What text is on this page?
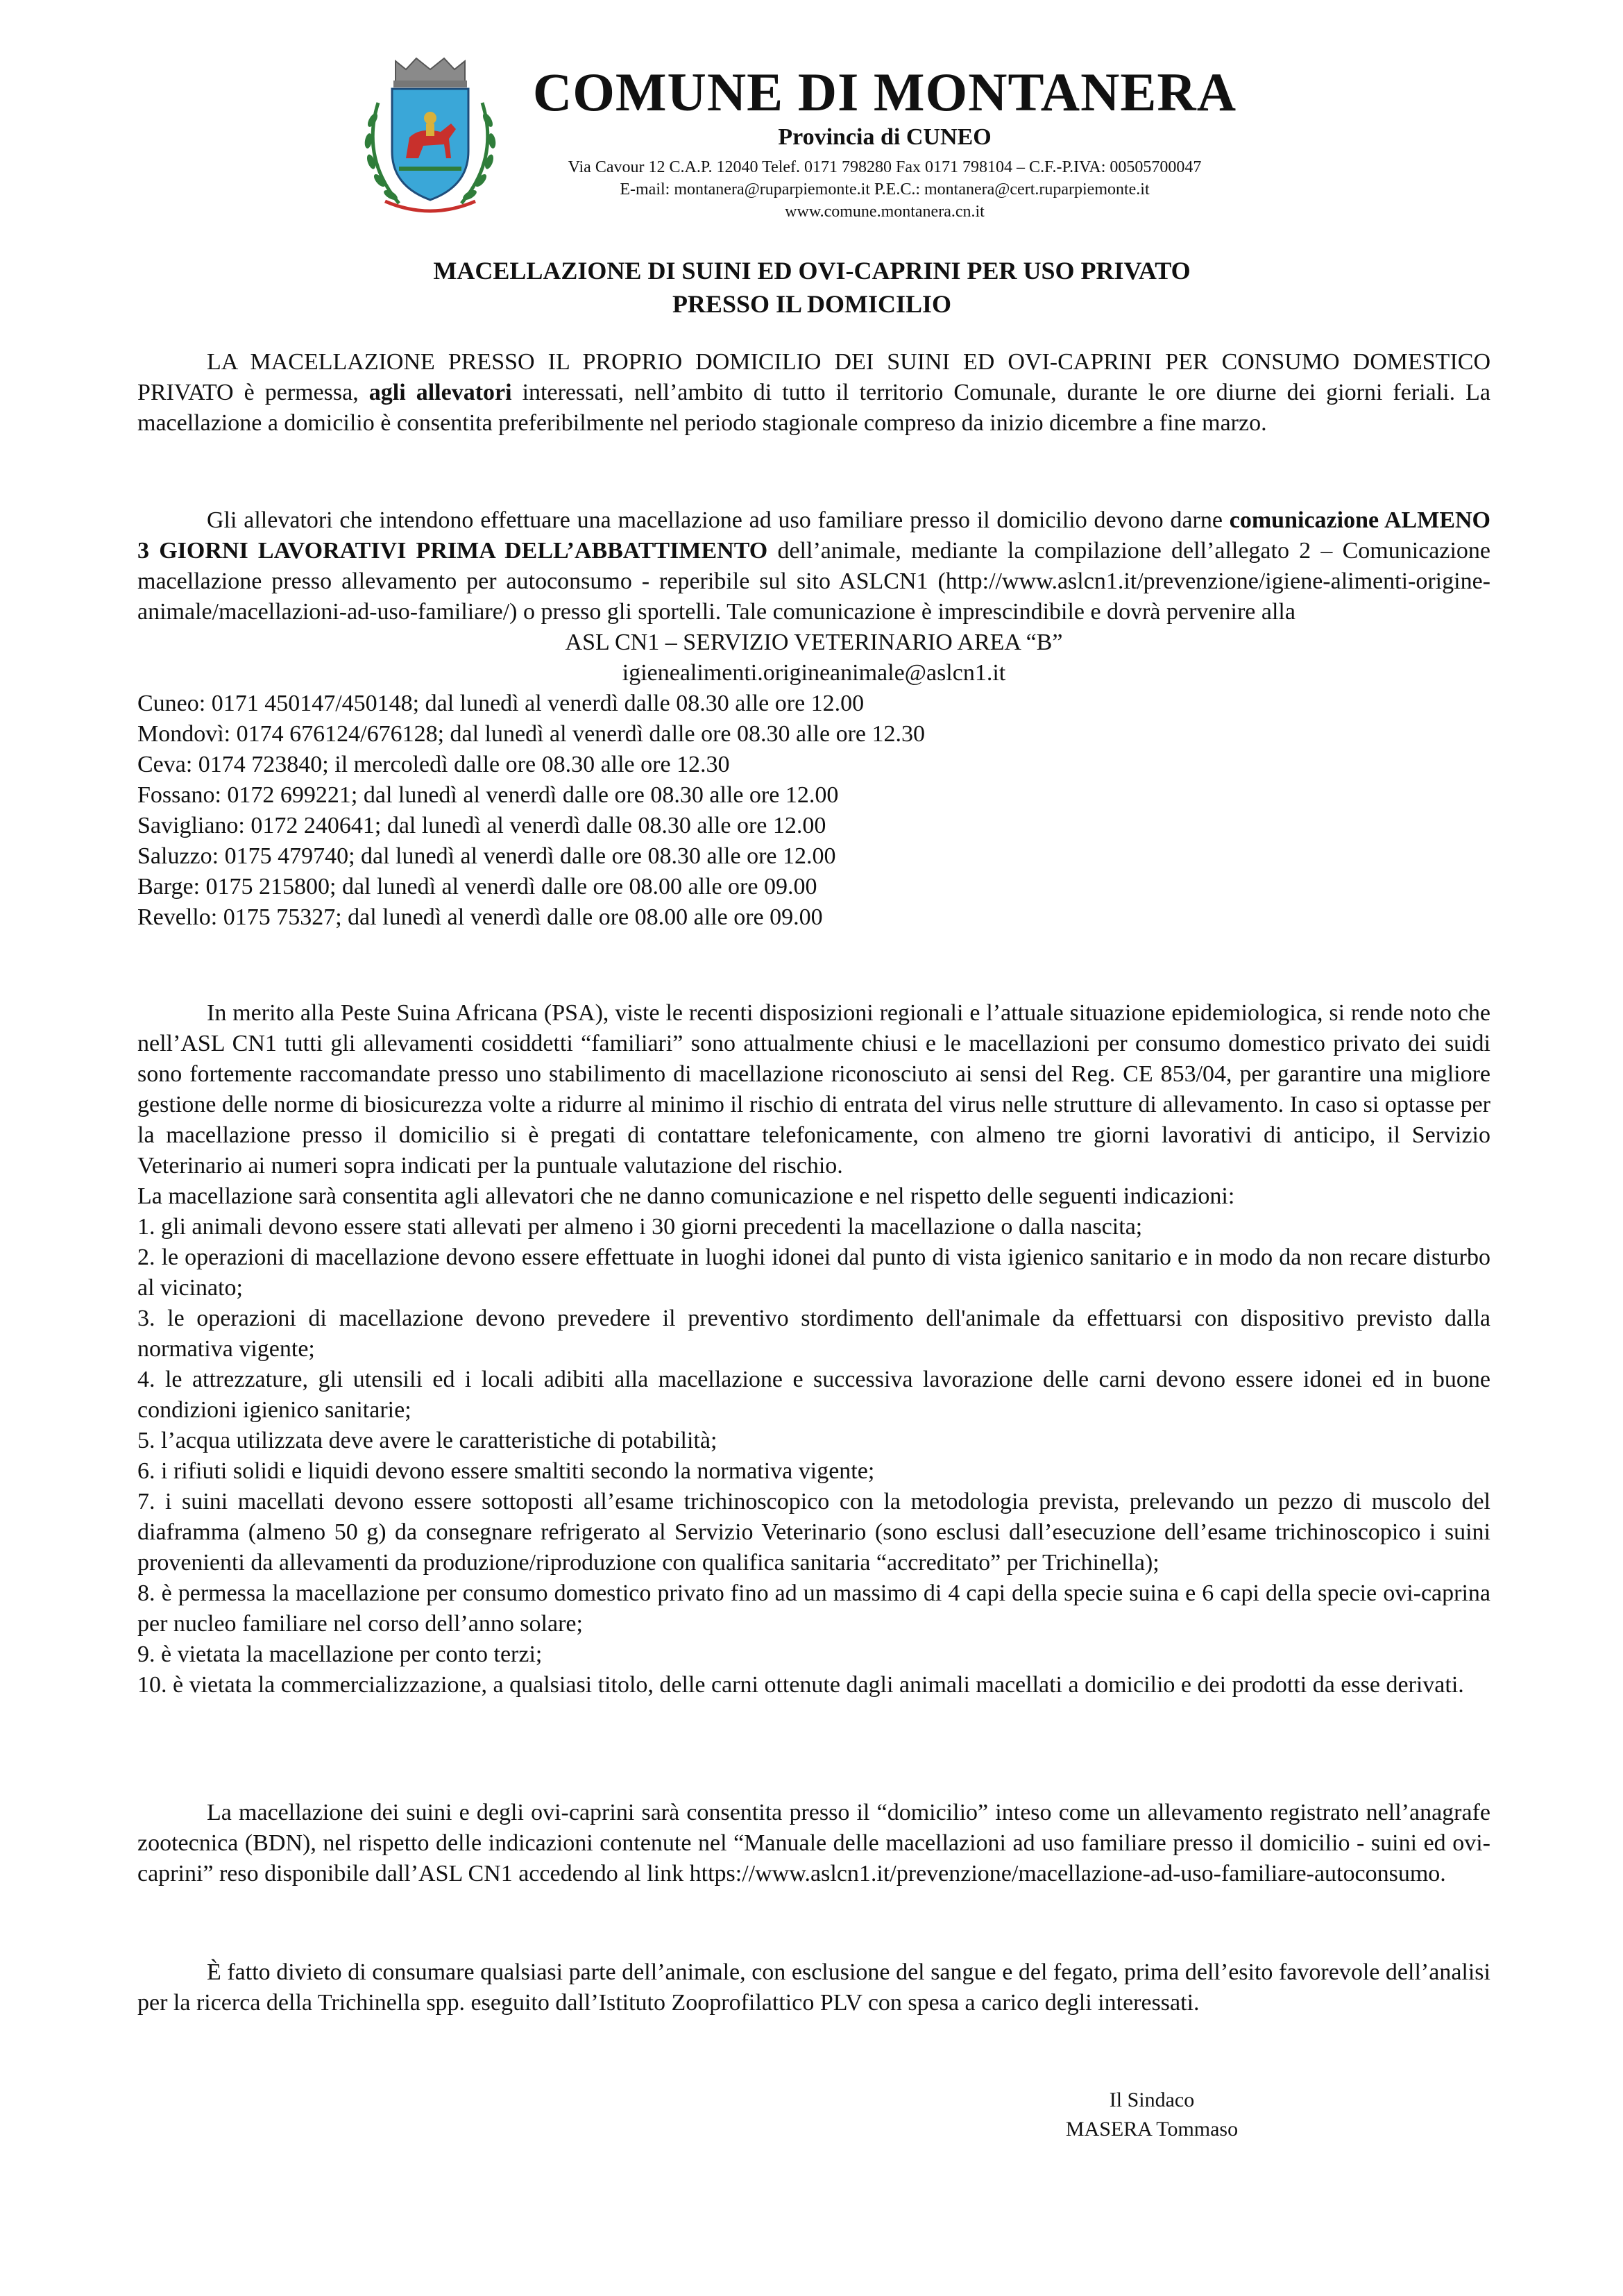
COMUNE DI MONTANERA
Provincia di CUNEO
Via Cavour 12 C.A.P. 12040 Telef. 0171 798280 Fax 0171 798104 – C.F.-P.IVA: 00505700047
E-mail: montanera@ruparpiemonte.it P.E.C.: montanera@cert.ruparpiemonte.it
www.comune.montanera.cn.it
MACELLAZIONE DI SUINI ED OVI-CAPRINI PER USO PRIVATO
PRESSO IL DOMICILIO

LA MACELLAZIONE PRESSO IL PROPRIO DOMICILIO DEI SUINI ED OVI-CAPRINI PER CONSUMO DOMESTICO PRIVATO è permessa, agli allevatori interessati, nell’ambito di tutto il territorio Comunale, durante le ore diurne dei giorni feriali. La macellazione a domicilio è consentita preferibilmente nel periodo stagionale compreso da inizio dicembre a fine marzo.

Gli allevatori che intendono effettuare una macellazione ad uso familiare presso il domicilio devono darne comunicazione ALMENO 3 GIORNI LAVORATIVI PRIMA DELL’ABBATTIMENTO dell’animale, mediante la compilazione dell’allegato 2 – Comunicazione macellazione presso allevamento per autoconsumo - reperibile sul sito ASLCN1 (http://www.aslcn1.it/prevenzione/igiene-alimenti-origine-animale/macellazioni-ad-uso-familiare/) o presso gli sportelli. Tale comunicazione è imprescindibile e dovrà pervenire alla

ASL CN1 – SERVIZIO VETERINARIO AREA “B”

igienealimenti.origineanimale@aslcn1.it

Cuneo: 0171 450147/450148; dal lunedì al venerdì dalle 08.30 alle ore 12.00

Mondovì: 0174 676124/676128; dal lunedì al venerdì dalle ore 08.30 alle ore 12.30

Ceva: 0174 723840; il mercoledì dalle ore 08.30 alle ore 12.30

Fossano: 0172 699221; dal lunedì al venerdì dalle ore 08.30 alle ore 12.00

Savigliano: 0172 240641; dal lunedì al venerdì dalle 08.30 alle ore 12.00

Saluzzo: 0175 479740; dal lunedì al venerdì dalle ore 08.30 alle ore 12.00

Barge: 0175 215800; dal lunedì al venerdì dalle ore 08.00 alle ore 09.00

Revello: 0175 75327; dal lunedì al venerdì dalle ore 08.00 alle ore 09.00

In merito alla Peste Suina Africana (PSA), viste le recenti disposizioni regionali e l’attuale situazione epidemiologica, si rende noto che nell’ASL CN1 tutti gli allevamenti cosiddetti “familiari” sono attualmente chiusi e le macellazioni per consumo domestico privato dei suidi sono fortemente raccomandate presso uno stabilimento di macellazione riconosciuto ai sensi del Reg. CE 853/04, per garantire una migliore gestione delle norme di biosicurezza volte a ridurre al minimo il rischio di entrata del virus nelle strutture di allevamento. In caso si optasse per la macellazione presso il domicilio si è pregati di contattare telefonicamente, con almeno tre giorni lavorativi di anticipo, il Servizio Veterinario ai numeri sopra indicati per la puntuale valutazione del rischio.

La macellazione sarà consentita agli allevatori che ne danno comunicazione e nel rispetto delle seguenti indicazioni:

1. gli animali devono essere stati allevati per almeno i 30 giorni precedenti la macellazione o dalla nascita;

2. le operazioni di macellazione devono essere effettuate in luoghi idonei dal punto di vista igienico sanitario e in modo da non recare disturbo al vicinato;

3. le operazioni di macellazione devono prevedere il preventivo stordimento dell'animale da effettuarsi con dispositivo previsto dalla normativa vigente;

4. le attrezzature, gli utensili ed i locali adibiti alla macellazione e successiva lavorazione delle carni devono essere idonei ed in buone condizioni igienico sanitarie;

5. l’acqua utilizzata deve avere le caratteristiche di potabilità;

6. i rifiuti solidi e liquidi devono essere smaltiti secondo la normativa vigente;

7. i suini macellati devono essere sottoposti all’esame trichinoscopico con la metodologia prevista, prelevando un pezzo di muscolo del diaframma (almeno 50 g) da consegnare refrigerato al Servizio Veterinario (sono esclusi dall’esecuzione dell’esame trichinoscopico i suini provenienti da allevamenti da produzione/riproduzione con qualifica sanitaria “accreditato” per Trichinella);

8. è permessa la macellazione per consumo domestico privato fino ad un massimo di 4 capi della specie suina e 6 capi della specie ovi-caprina per nucleo familiare nel corso dell’anno solare;

9. è vietata la macellazione per conto terzi;

10. è vietata la commercializzazione, a qualsiasi titolo, delle carni ottenute dagli animali macellati a domicilio e dei prodotti da esse derivati.

La macellazione dei suini e degli ovi-caprini sarà consentita presso il “domicilio” inteso come un allevamento registrato nell’anagrafe zootecnica (BDN), nel rispetto delle indicazioni contenute nel “Manuale delle macellazioni ad uso familiare presso il domicilio - suini ed ovi-caprini” reso disponibile dall’ASL CN1 accedendo al link https://www.aslcn1.it/prevenzione/macellazione-ad-uso-familiare-autoconsumo.

È fatto divieto di consumare qualsiasi parte dell’animale, con esclusione del sangue e del fegato, prima dell’esito favorevole dell’analisi per la ricerca della Trichinella spp. eseguito dall’Istituto Zooprofilattico PLV con spesa a carico degli interessati.

Il Sindaco
MASERA Tommaso
